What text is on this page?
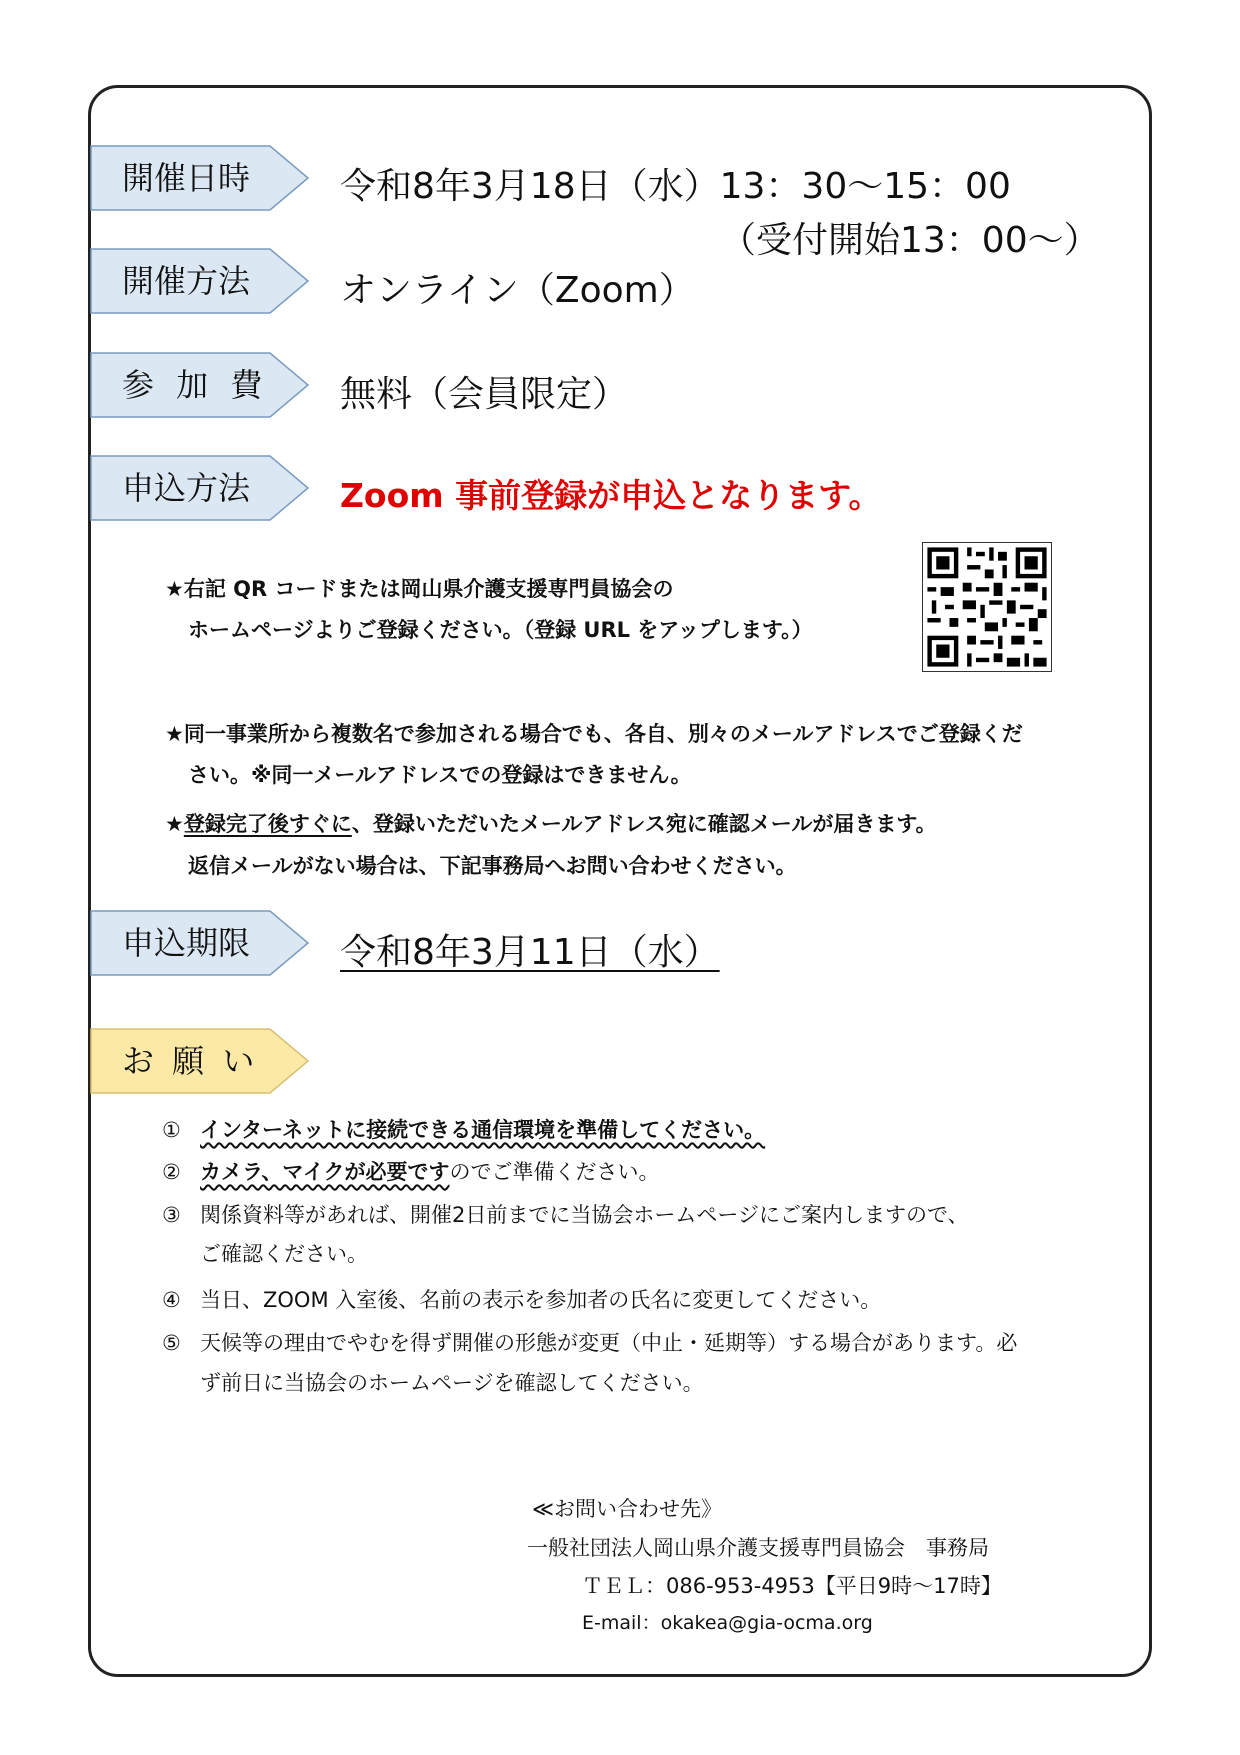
開催日時 令和8年3月18日（水）13：30～15：00
（受付開始13：00～）
開催方法 オンライン（Zoom）
参 加 費 無料（会員限定）
申込方法	Zoom 事前登録が申込となります。
★右記 QR コードまたは岡山県介護支援専門員協会の
ホームページよりご登録ください。（登録 URL をアップします。）
★同一事業所から複数名で参加される場合でも、各自、別々のメールアドレスでご登録くだ
さい。※同一メールアドレスでの登録はできません。
★登録完了後すぐに、登録いただいたメールアドレス宛に確認メールが届きます。
返信メールがない場合は、下記事務局へお問い合わせください。
申込期限 令和8年3月11日（水）
お 願 い
① インターネットに接続できる通信環境を準備してください。
② カメラ、マイクが必要ですのでご準備ください。
③ 関係資料等があれば、開催2日前までに当協会ホームページにご案内しますので、
ご確認ください。
④ 当日、ZOOM 入室後、名前の表示を参加者の氏名に変更してください。
⑤ 天候等の理由でやむを得ず開催の形態が変更（中止・延期等）する場合があります。必
ず前日に当協会のホームページを確認してください。
≪お問い合わせ先》
一般社団法人岡山県介護支援専門員協会　事務局
ＴＥＬ：086-953-4953【平日9時～17時】
E-mail：okakea@gia-ocma.org
